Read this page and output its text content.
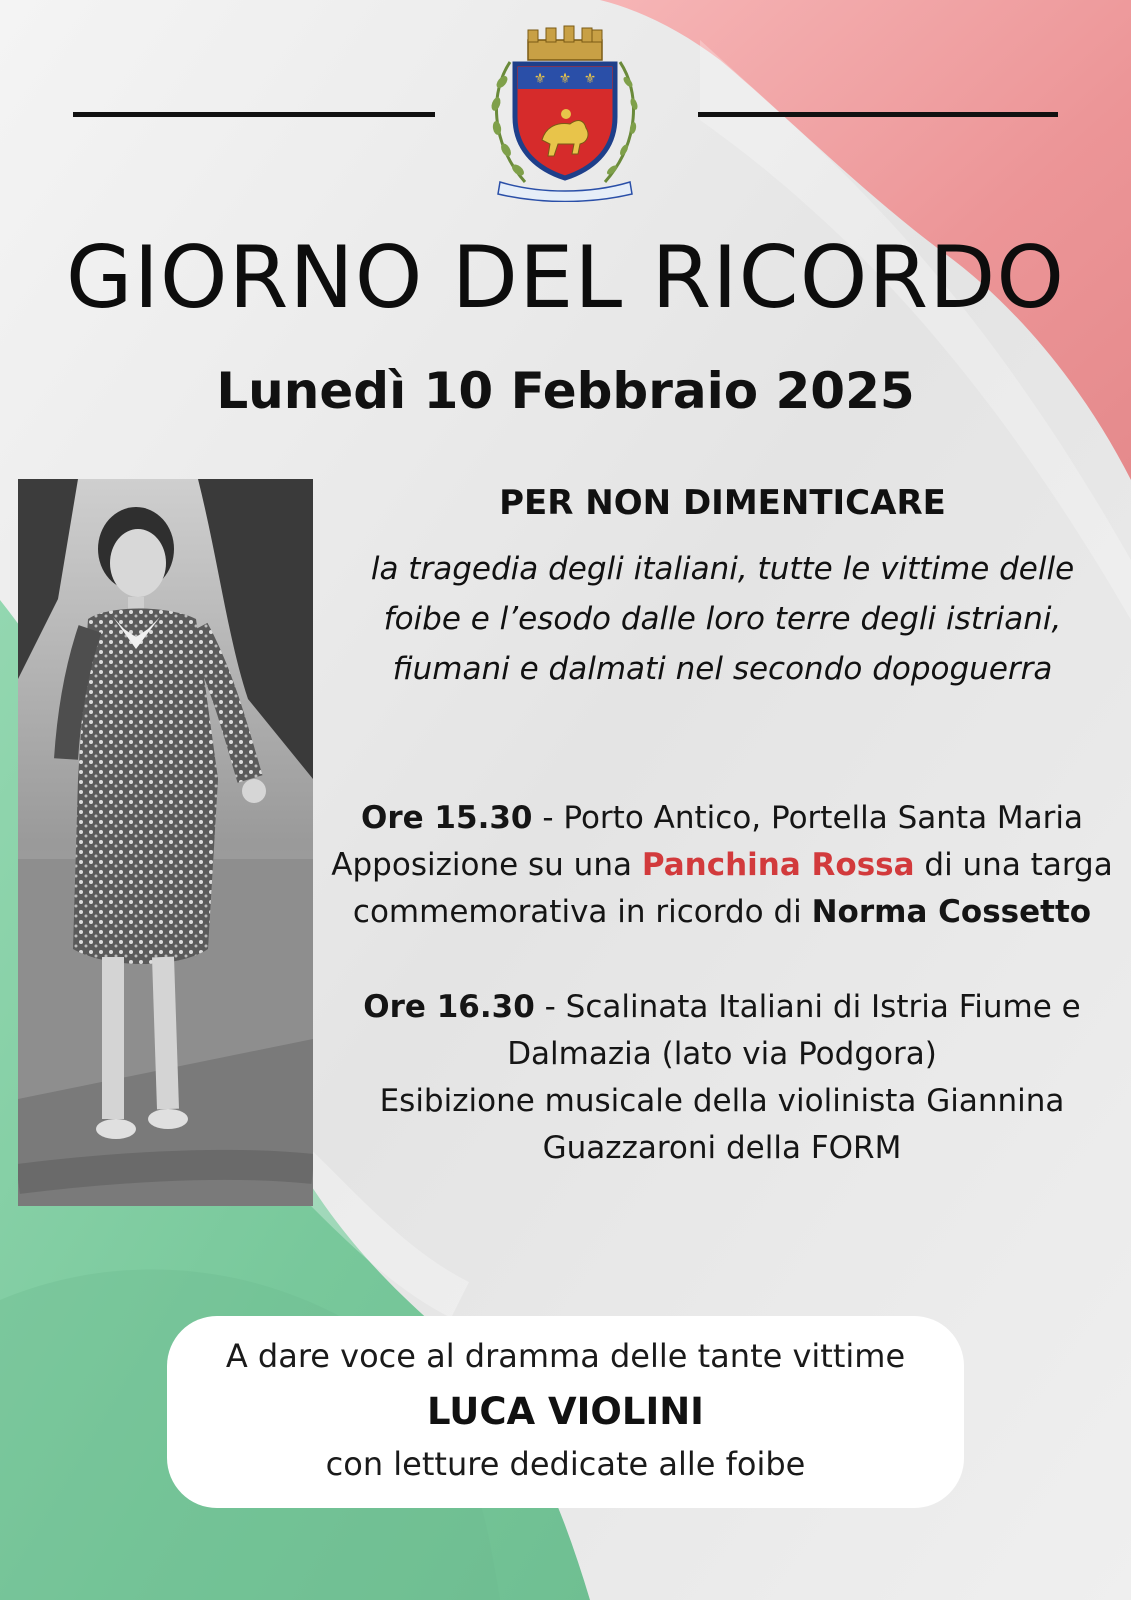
⚜ ⚜ ⚜
GIORNO DEL RICORDO
Lunedì 10 Febbraio 2025
PER NON DIMENTICARE
la tragedia degli italiani, tutte le vittime delle
foibe e l’esodo dalle loro terre degli istriani,
fiumani e dalmati nel secondo dopoguerra
Ore 15.30 - Porto Antico, Portella Santa Maria
Apposizione su una Panchina Rossa di una targa
commemorativa in ricordo di Norma Cossetto
Ore 16.30 - Scalinata Italiani di Istria Fiume e
Dalmazia (lato via Podgora)
Esibizione musicale della violinista Giannina
Guazzaroni della FORM
A dare voce al dramma delle tante vittime
LUCA VIOLINI
con letture dedicate alle foibe
